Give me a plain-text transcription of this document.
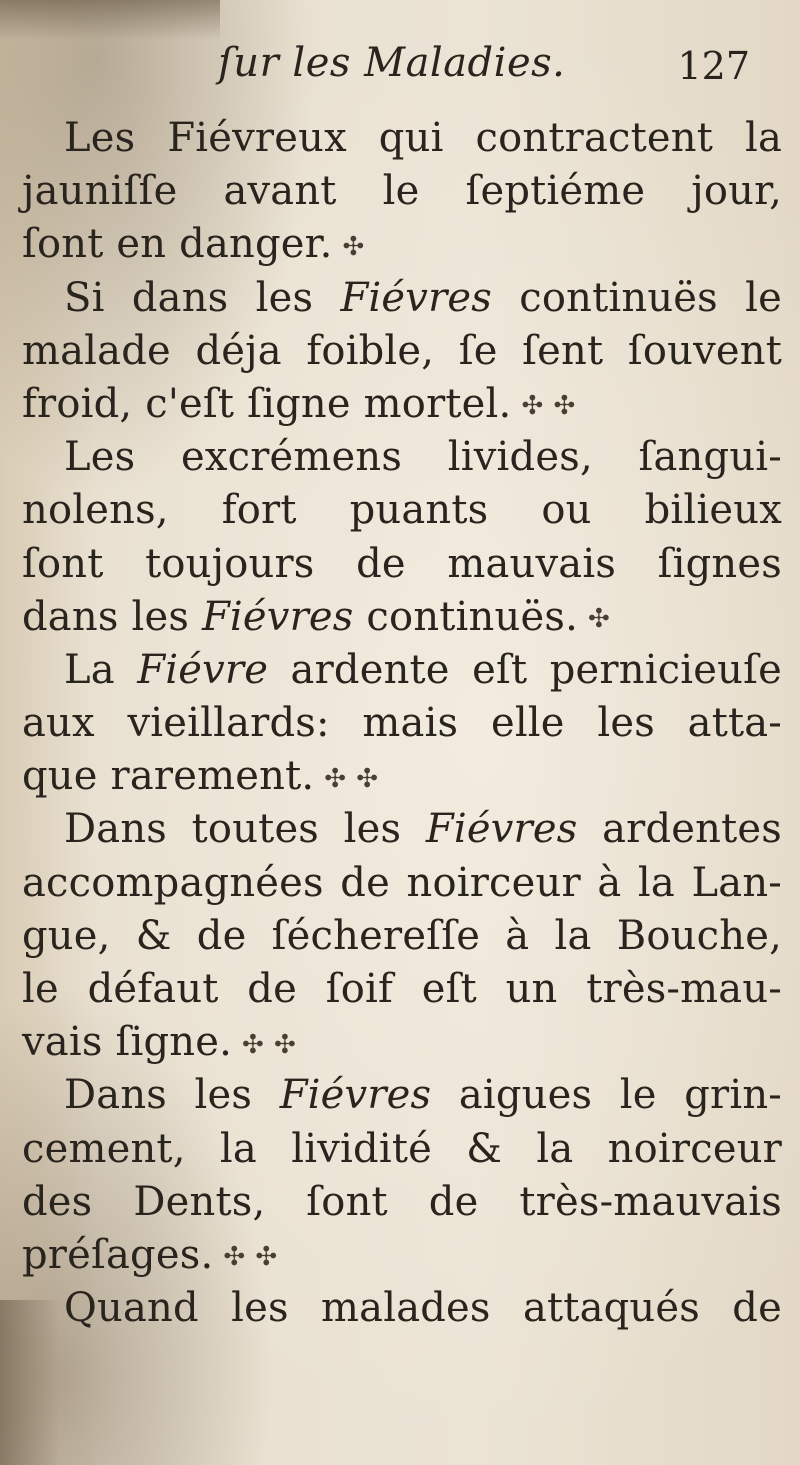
ſur les Maladies.	127
Les Fiévreux qui contractent la
jauniſſe avant le ſeptiéme jour,
ſont en danger. ✣
Si dans les Fiévres continuës le
malade déja foible, ſe ſent ſouvent
froid, c'eſt ſigne mortel. ✣ ✣
Les excrémens livides, ſangui-
nolens, fort puants ou bilieux
ſont toujours de mauvais ſignes
dans les Fiévres continuës. ✣
La Fiévre ardente eſt pernicieuſe
aux vieillards: mais elle les atta-
que rarement. ✣ ✣
Dans toutes les Fiévres ardentes
accompagnées de noirceur à la Lan-
gue, & de ſéchereſſe à la Bouche,
le défaut de ſoif eſt un très-mau-
vais ſigne. ✣ ✣
Dans les Fiévres aigues le grin-
cement, la lividité & la noirceur
des Dents, ſont de très-mauvais
préſages. ✣ ✣
Quand les malades attaqués de
